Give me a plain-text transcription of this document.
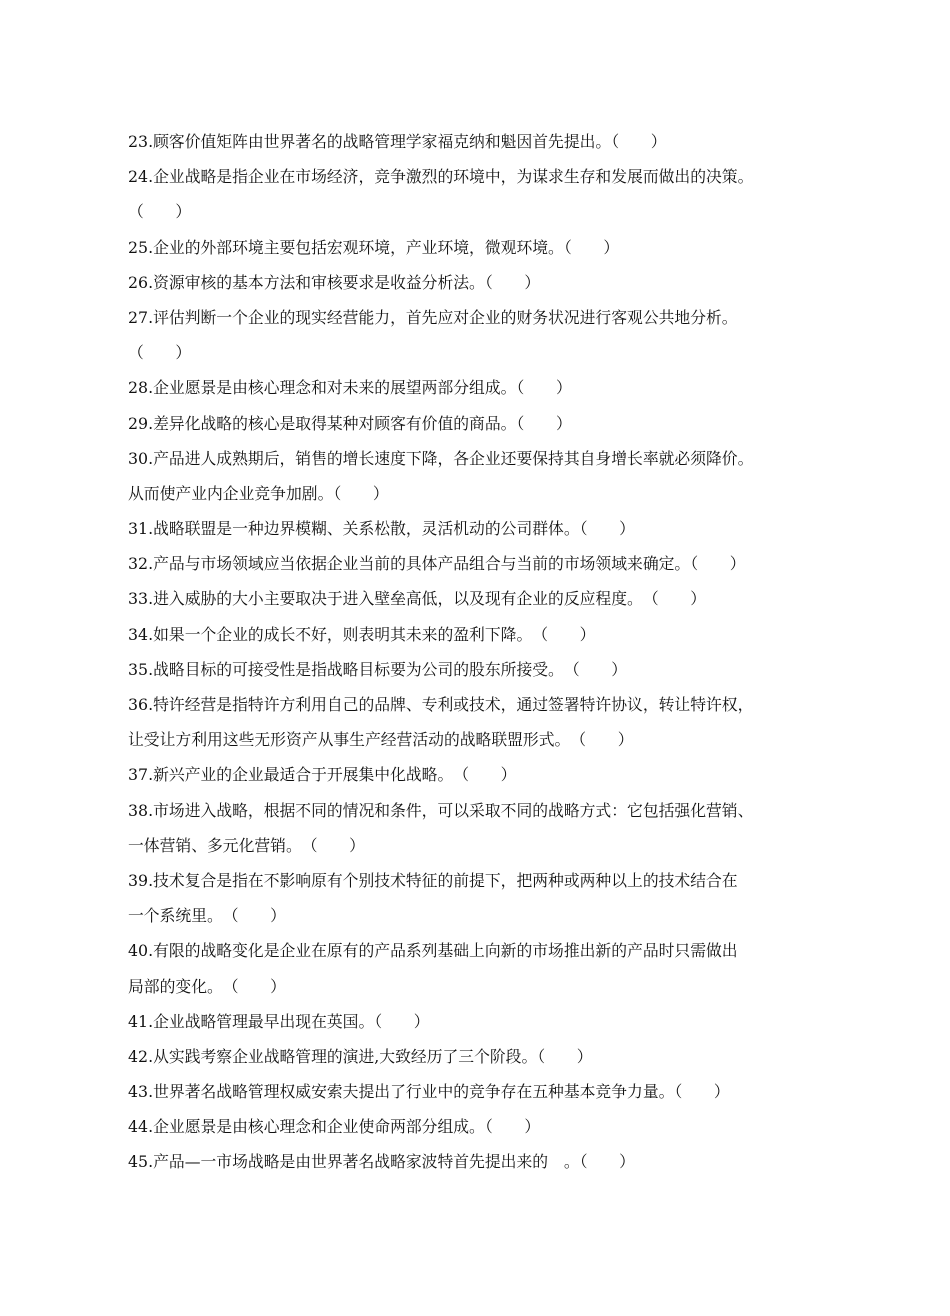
23.顾客价值矩阵由世界著名的战略管理学家福克纳和魁因首先提出。（　　）
24.企业战略是指企业在市场经济，竞争激烈的环境中，为谋求生存和发展而做出的决策。
（　　）
25.企业的外部环境主要包括宏观环境，产业环境，微观环境。（　　）
26.资源审核的基本方法和审核要求是收益分析法。（　　）
27.评估判断一个企业的现实经营能力，首先应对企业的财务状况进行客观公共地分析。
（　　）
28.企业愿景是由核心理念和对未来的展望两部分组成。（　　）
29.差异化战略的核心是取得某种对顾客有价值的商品。（　　）
30.产品进人成熟期后，销售的增长速度下降，各企业还要保持其自身增长率就必须降价。
从而使产业内企业竞争加剧。（　　）
31.战略联盟是一种边界模糊、关系松散，灵活机动的公司群体。（　　）
32.产品与市场领域应当依据企业当前的具体产品组合与当前的市场领域来确定。（　　）
33.进入威胁的大小主要取决于进入壁垒高低，以及现有企业的反应程度。　（　　）
34.如果一个企业的成长不好，则表明其未来的盈利下降。　（　　）
35.战略目标的可接受性是指战略目标要为公司的股东所接受。　（　　）
36.特许经营是指特许方利用自己的品牌、专利或技术，通过签署特许协议，转让特许权，
让受让方利用这些无形资产从事生产经营活动的战略联盟形式。　（　　）
37.新兴产业的企业最适合于开展集中化战略。　（　　）
38.市场进入战略，根据不同的情况和条件，可以采取不同的战略方式：它包括强化营销、
一体营销、多元化营销。　（　　）
39.技术复合是指在不影响原有个别技术特征的前提下，把两种或两种以上的技术结合在
一个系统里。　（　　）
40.有限的战略变化是企业在原有的产品系列基础上向新的市场推出新的产品时只需做出
局部的变化。　（　　）
41.企业战略管理最早出现在英国。（　　）
42.从实践考察企业战略管理的演进,大致经历了三个阶段。（　　）
43.世界著名战略管理权威安索夫提出了行业中的竞争存在五种基本竞争力量。（　　）
44.企业愿景是由核心理念和企业使命两部分组成。（　　）
45.产品—一市场战略是由世界著名战略家波特首先提出来的　。（　　）
